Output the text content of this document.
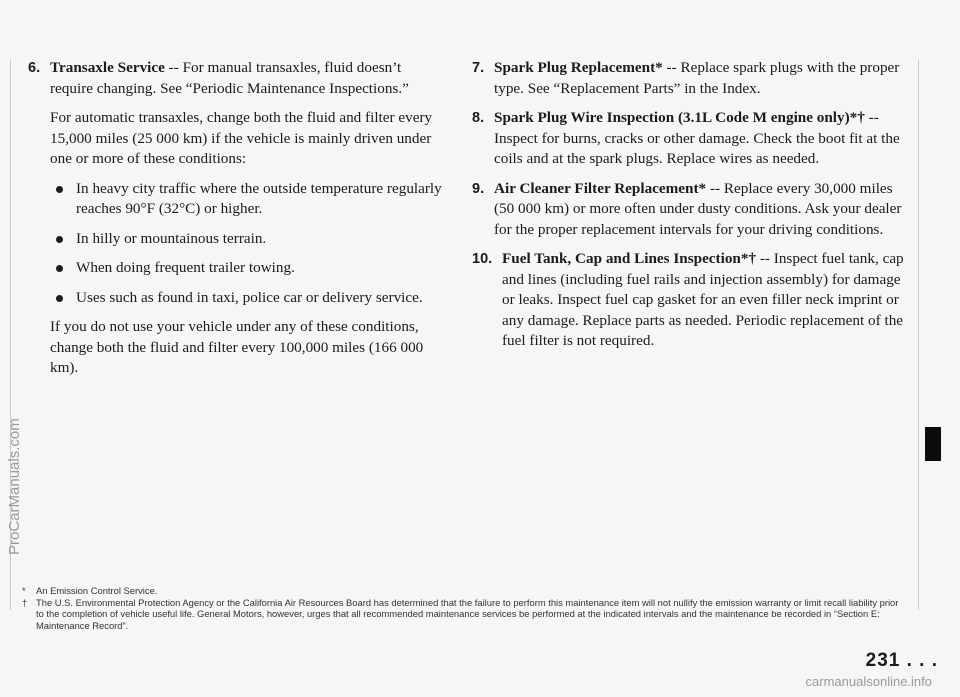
6. Transaxle Service -- For manual transaxles, fluid doesn’t require changing. See “Periodic Maintenance Inspections.”

For automatic transaxles, change both the fluid and filter every 15,000 miles (25 000 km) if the vehicle is mainly driven under one or more of these conditions:

In heavy city traffic where the outside temperature regularly reaches 90°F (32°C) or higher.
In hilly or mountainous terrain.
When doing frequent trailer towing.
Uses such as found in taxi, police car or delivery service.

If you do not use your vehicle under any of these conditions, change both the fluid and filter every 100,000 miles (166 000 km).

7. Spark Plug Replacement* -- Replace spark plugs with the proper type. See “Replacement Parts” in the Index.
8. Spark Plug Wire Inspection (3.1L Code M engine only)*† -- Inspect for burns, cracks or other damage. Check the boot fit at the coils and at the spark plugs. Replace wires as needed.
9. Air Cleaner Filter Replacement* -- Replace every 30,000 miles (50 000 km) or more often under dusty conditions. Ask your dealer for the proper replacement intervals for your driving conditions.
10. Fuel Tank, Cap and Lines Inspection*† -- Inspect fuel tank, cap and lines (including fuel rails and injection assembly) for damage or leaks. Inspect fuel cap gasket for an even filler neck imprint or any damage. Replace parts as needed. Periodic replacement of the fuel filter is not required.
* An Emission Control Service.
† The U.S. Environmental Protection Agency or the California Air Resources Board has determined that the failure to perform this maintenance item will not nullify the emission warranty or limit recall liability prior to the completion of vehicle useful life. General Motors, however, urges that all recommended maintenance services be performed at the indicated intervals and the maintenance be recorded in “Section E: Maintenance Record”.
231 . . .
ProCarManuals.com
carmanualsonline.info
